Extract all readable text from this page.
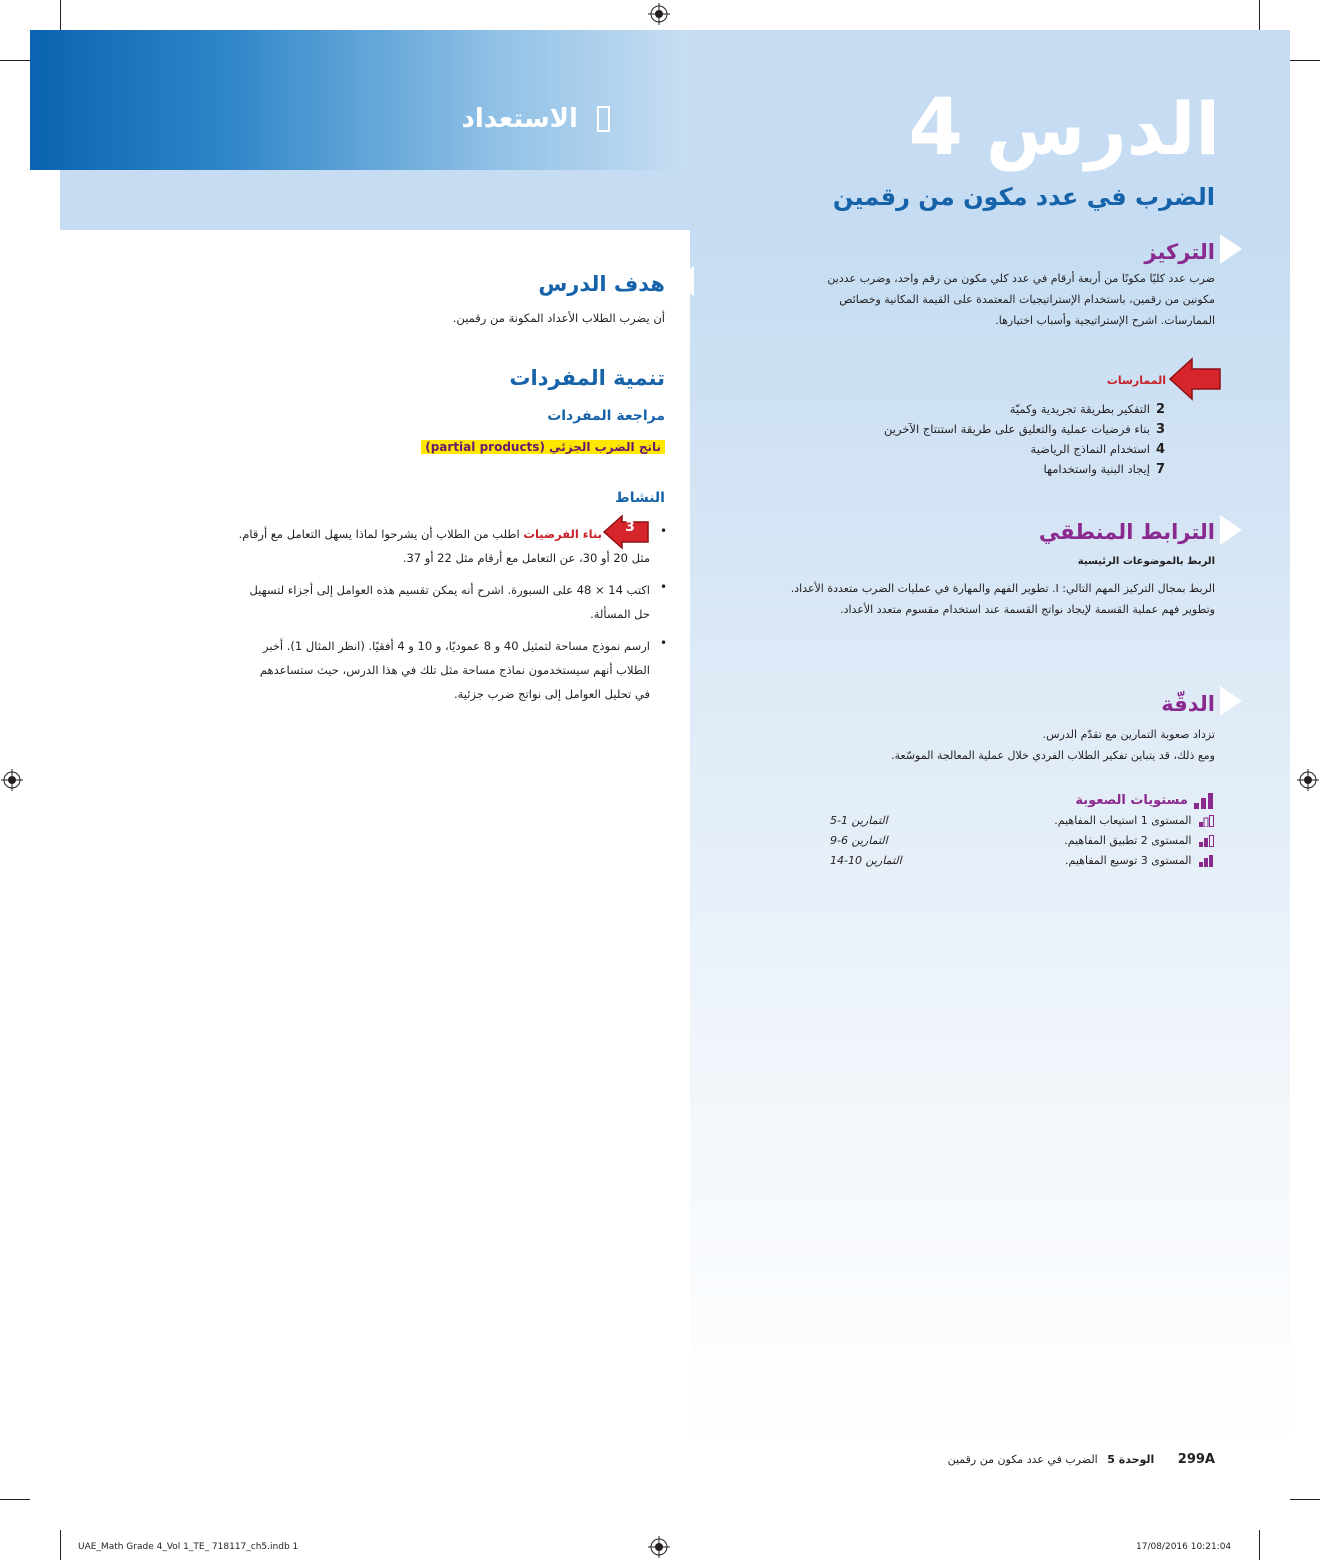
الاستعداد	الدرس 4
الضرب في عدد مكون من رقمين
التركيز

ضرب عدد كليًا مكونًا من أربعة أرقام في عدد كلي مكون من رقم واحد، وضرب عددين

مكونين من رقمين، باستخدام الإستراتيجيات المعتمدة على القيمة المكانية وخصائص

الممارسات. اشرح الإستراتيجية وأسباب اختيارها.

الممارسات
2التفكير بطريقة تجريدية وكميّة
3بناء فرضيات عملية والتعليق على طريقة استنتاج الآخرين
4استخدام النماذج الرياضية
7إيجاد البنية واستخدامها
الترابط المنطقي
الربط بالموضوعات الرئيسية

الربط بمجال التركيز المهم التالي: I. تطوير الفهم والمهارة في عمليات الضرب متعددة الأعداد.

وتطوير فهم عملية القسمة لإيجاد نواتج القسمة عند استخدام مقسوم متعدد الأعداد.

الدقّة

تزداد صعوبة التمارين مع تقدّم الدرس.

ومع ذلك، قد يتباين تفكير الطلاب الفردي خلال عملية المعالجة الموسّعة.

مستويات الصعوبة
المستوى 1 استيعاب المفاهيم.
التمارين 1-5
المستوى 2 تطبيق المفاهيم.
التمارين 6-9
المستوى 3 توسيع المفاهيم.
التمارين 10-14
هدف الدرس
أن يضرب الطلاب الأعداد المكونة من رقمين.
تنمية المفردات
مراجعة المفردات
ناتج الضرب الجزئي (partial products)
النشاط
•
3

بناء الفرضيات اطلب من الطلاب أن يشرحوا لماذا يسهل التعامل مع أرقام.

مثل 20 أو 30، عن التعامل مع أرقام مثل 22 أو 37.

•

اكتب 14 × 48 على السبورة. اشرح أنه يمكن تقسيم هذه العوامل إلى أجزاء لتسهيل

حل المسألة.

•

ارسم نموذج مساحة لتمثيل 40 و 8 عموديًا، و 10 و 4 أفقيًا. (انظر المثال 1). أخبر

الطلاب أنهم سيستخدمون نماذج مساحة مثل تلك في هذا الدرس، حيث ستساعدهم

في تحليل العوامل إلى نواتج ضرب جزئية.

299A الوحدة 5 الضرب في عدد مكون من رقمين
UAE_Math Grade 4_Vol 1_TE_ 718117_ch5.indb 1	17/08/2016 10:21:04
